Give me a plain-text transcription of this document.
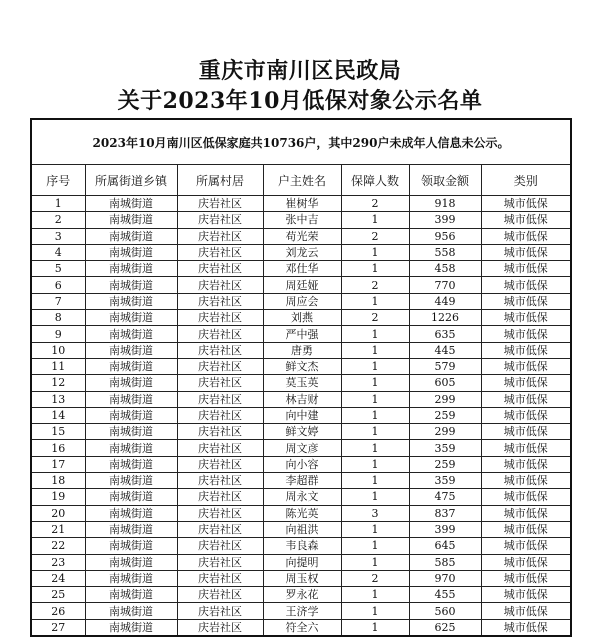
重庆市南川区民政局
关于2023年10月低保对象公示名单
2023年10月南川区低保家庭共10736户，其中290户未成年人信息未公示。						
序号	所属街道乡镇	所属村居	户主姓名	保障人数	领取金额	类别
1	南城街道	庆岩社区	崔树华	2	918	城市低保
2	南城街道	庆岩社区	张中吉	1	399	城市低保
3	南城街道	庆岩社区	苟光荣	2	956	城市低保
4	南城街道	庆岩社区	刘龙云	1	558	城市低保
5	南城街道	庆岩社区	邓仕华	1	458	城市低保
6	南城街道	庆岩社区	周廷娅	2	770	城市低保
7	南城街道	庆岩社区	周应会	1	449	城市低保
8	南城街道	庆岩社区	刘燕	2	1226	城市低保
9	南城街道	庆岩社区	严中强	1	635	城市低保
10	南城街道	庆岩社区	唐勇	1	445	城市低保
11	南城街道	庆岩社区	鲜文杰	1	579	城市低保
12	南城街道	庆岩社区	莫玉英	1	605	城市低保
13	南城街道	庆岩社区	林吉财	1	299	城市低保
14	南城街道	庆岩社区	向中建	1	259	城市低保
15	南城街道	庆岩社区	鲜文婷	1	299	城市低保
16	南城街道	庆岩社区	周文彦	1	359	城市低保
17	南城街道	庆岩社区	向小容	1	259	城市低保
18	南城街道	庆岩社区	李超群	1	359	城市低保
19	南城街道	庆岩社区	周永文	1	475	城市低保
20	南城街道	庆岩社区	陈光英	3	837	城市低保
21	南城街道	庆岩社区	向祖洪	1	399	城市低保
22	南城街道	庆岩社区	韦良森	1	645	城市低保
23	南城街道	庆岩社区	向提明	1	585	城市低保
24	南城街道	庆岩社区	周玉权	2	970	城市低保
25	南城街道	庆岩社区	罗永花	1	455	城市低保
26	南城街道	庆岩社区	王济学	1	560	城市低保
27	南城街道	庆岩社区	符全六	1	625	城市低保
